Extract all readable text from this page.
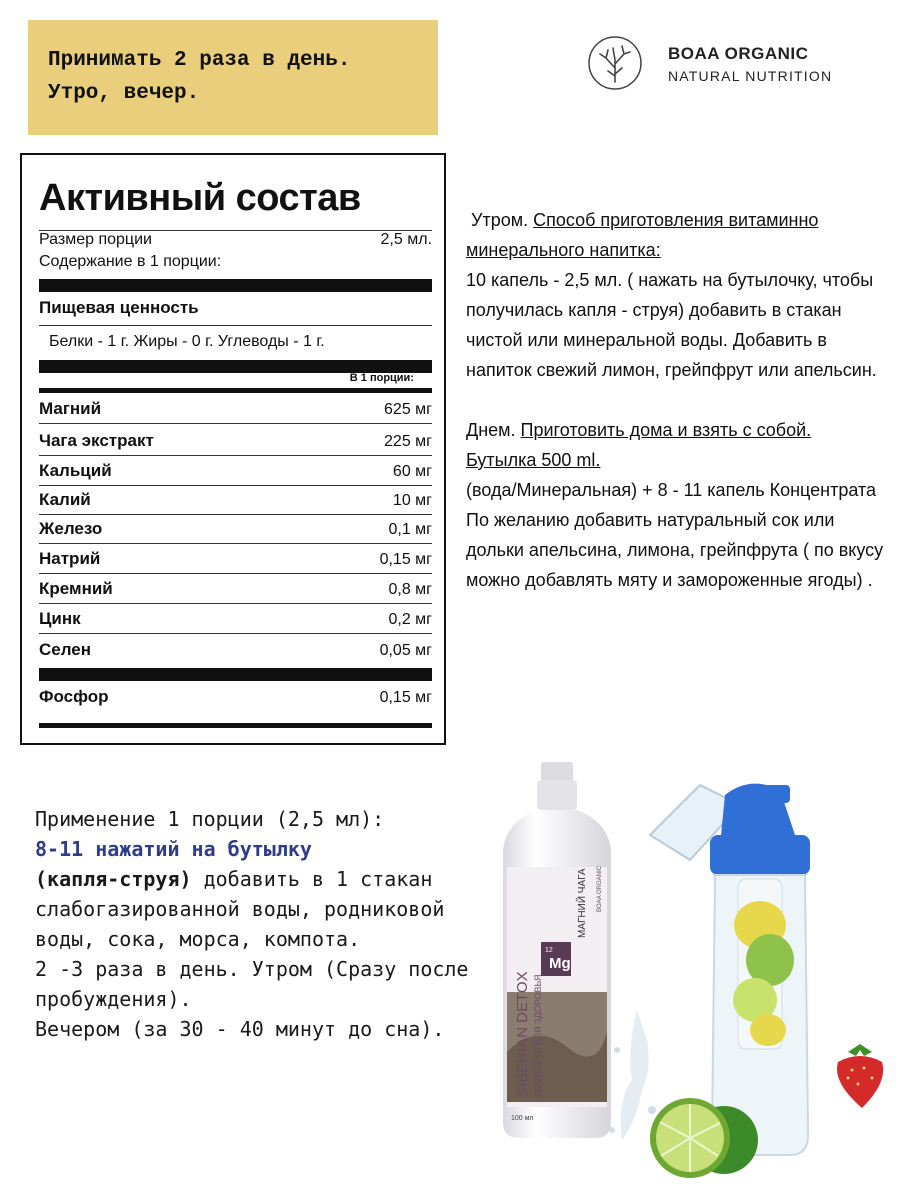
Принимать 2 раза в день.
Утро, вечер.
BOAA ORGANIC
NATURAL NUTRITION
Активный состав
Размер порции	2,5 мл.
Содержание в 1 порции:
Пищевая ценность
Белки - 1 г. Жиры - 0 г. Углеводы - 1 г.
В 1 порции:
Магний	625 мг
Чага экстракт	225 мг
Кальций	60 мг
Калий	10 мг
Железо	0,1 мг
Натрий	0,15 мг
Кремний	0,8 мг
Цинк	0,2 мг
Селен	0,05 мг
Фосфор	0,15 мг

Утром. Способ приготовления витаминно минерального напитка:

10 капель - 2,5 мл. ( нажать на бутылочку, чтобы получилась капля - струя) добавить в стакан чистой или минеральной воды. Добавить в напиток свежий лимон, грейпфрут или апельсин.

Днем. Приготовить дома и взять с собой. Бутылка 500 ml.

(вода/Минеральная) + 8 - 11 капель Концентрата

По желанию добавить натуральный сок или дольки апельсина, лимона, грейпфрута ( по вкусу можно добавлять мяту и замороженные ягоды) .

Применение 1 порции (2,5 мл):

8-11 нажатий на бутылку

(капля-струя) добавить в 1 стакан слабогазированной воды, родниковой воды, сока, морса, компота.

2 -3 раза в день. Утром (Сразу после пробуждения).

Вечером (за 30 - 40 минут до сна).

12
Mg
SIBERIAN DETOX КОМПЛЕКС ДЛЯ ЗДОРОВЬЯ
МАГНИЙ ЧАГА BOAA ORGANIC
100 мл
